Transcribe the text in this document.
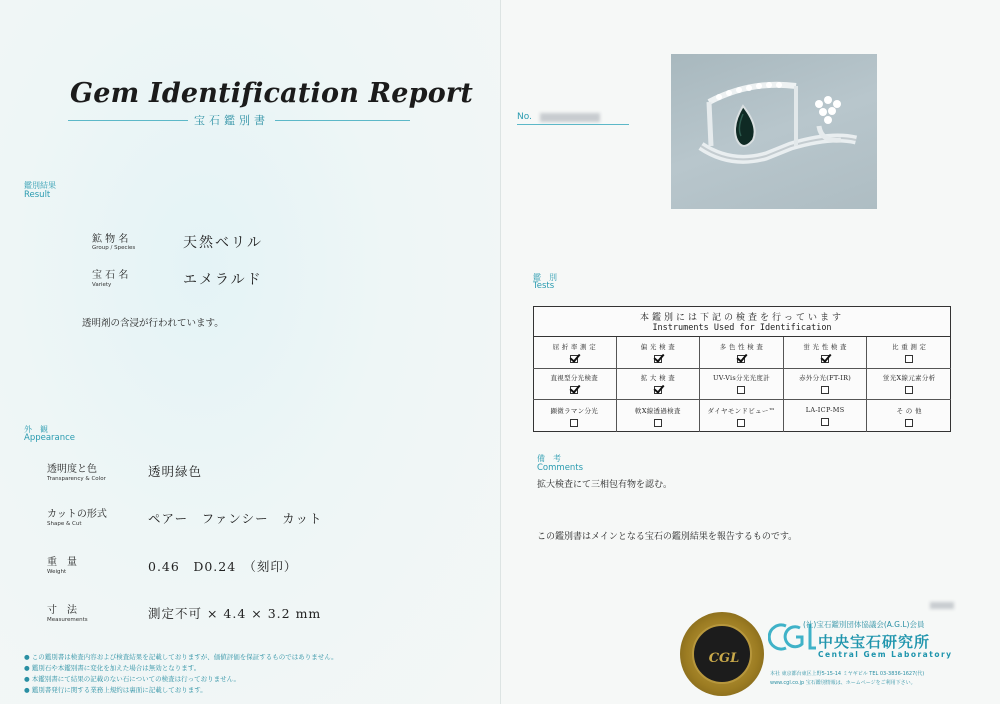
Gem Identification Report
宝石鑑別書
鑑別結果
Result
鉱 物 名
Group / Species	天然ベリル
宝 石 名
Variety	エメラルド
透明剤の含浸が行われています。
外　観
Appearance
透明度と色
Transparency & Color	透明緑色
カットの形式
Shape & Cut	ペアー　ファンシー　カット
重　量
Weight	0.46　D0.24　（刻印）
寸　法
Measurements	測定不可 × 4.4 × 3.2 mm
● この鑑別書は検査内容および検査結果を記載しておりますが、価値評価を保証するものではありません。
● 鑑別石や本鑑別書に変化を加えた場合は無効となります。
● 本鑑別書にて結果の記載のない石についての検査は行っておりません。
● 鑑別書発行に関する業務上規約は裏面に記載しております。
No.
鑑　別
Tests
本鑑別には下記の検査を行っています
Instruments Used for Identification
屈 折 率 測 定	偏 光 検 査	多 色 性 検 査	蛍 光 性 検 査	比 重 測 定
直視型分光検査	拡 大 検 査	UV-Vis分光光度計	赤外分光(FT-IR)	蛍光X線元素分析
顕微ラマン分光	軟X線透過検査	ダイヤモンドビュー™	LA-ICP-MS	そ の 他
備　考
Comments
拡大検査にて三相包有物を認む。
この鑑別書はメインとなる宝石の鑑別結果を報告するものです。
CGL
(社)宝石鑑別団体協議会(A.G.L)会員
中央宝石研究所
Central Gem Laboratory
本社 東京都台東区上野5-15-14 ミヤギビル TEL 03-3836-1627(代)
www.cgl.co.jp 宝石鑑別情報は、ホームページをご利用下さい。
